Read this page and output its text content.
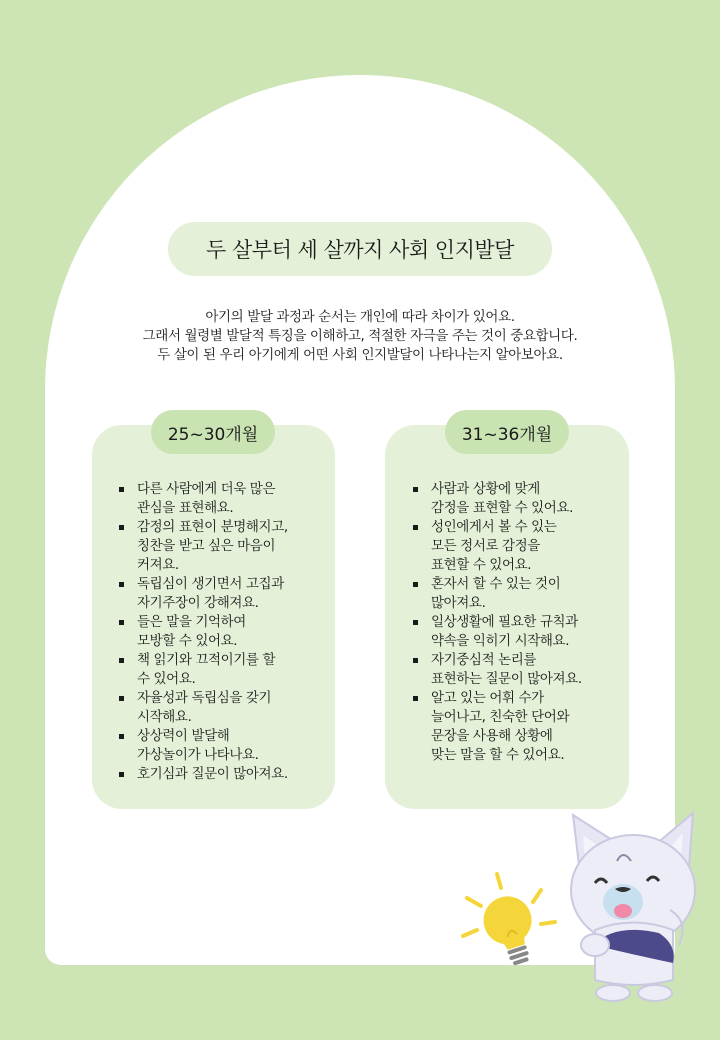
두 살부터 세 살까지 사회 인지발달
아기의 발달 과정과 순서는 개인에 따라 차이가 있어요.
그래서 월령별 발달적 특징을 이해하고, 적절한 자극을 주는 것이 중요합니다.
두 살이 된 우리 아기에게 어떤 사회 인지발달이 나타나는지 알아보아요.
25~30개월	31~36개월
다른 사람에게 더욱 많은
관심을 표현해요.
감정의 표현이 분명해지고,
칭찬을 받고 싶은 마음이
커져요.
독립심이 생기면서 고집과
자기주장이 강해져요.
들은 말을 기억하여
모방할 수 있어요.
책 읽기와 끄적이기를 할
수 있어요.
자율성과 독립심을 갖기
시작해요.
상상력이 발달해
가상놀이가 나타나요.
호기심과 질문이 많아져요.
사람과 상황에 맞게
감정을 표현할 수 있어요.
성인에게서 볼 수 있는
모든 정서로 감정을
표현할 수 있어요.
혼자서 할 수 있는 것이
많아져요.
일상생활에 필요한 규칙과
약속을 익히기 시작해요.
자기중심적 논리를
표현하는 질문이 많아져요.
알고 있는 어휘 수가
늘어나고, 친숙한 단어와
문장을 사용해 상황에
맞는 말을 할 수 있어요.
